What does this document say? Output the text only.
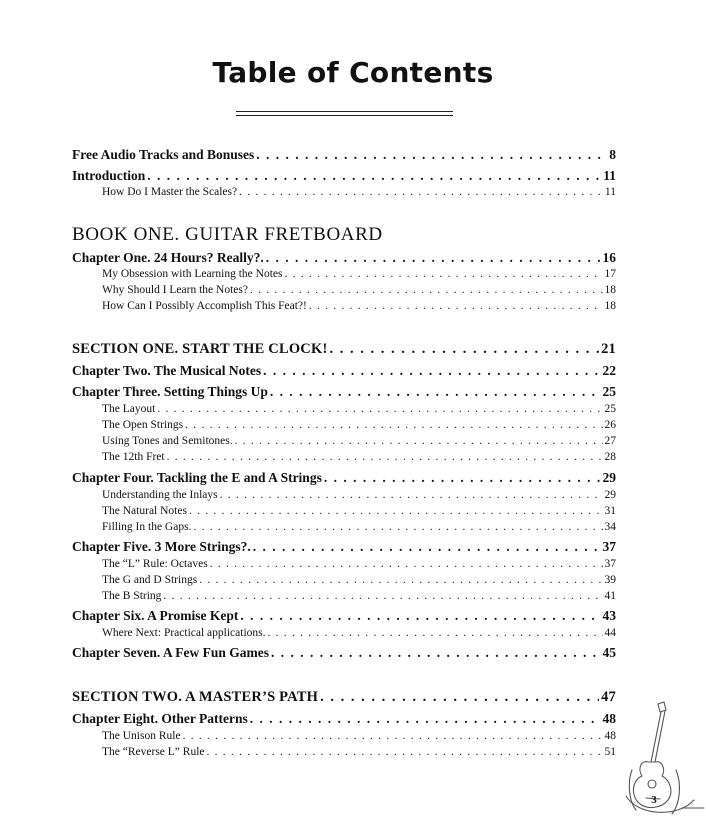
Table of Contents
Free Audio Tracks and Bonuses . . .	8
Introduction . . .	11
How Do I Master the Scales? . . .	11
BOOK ONE. GUITAR FRETBOARD
Chapter One. 24 Hours? Really?. . . .	16
My Obsession with Learning the Notes . . .	17
Why Should I Learn the Notes? . . .	18
How Can I Possibly Accomplish This Feat?! . . .	18
SECTION ONE. START THE CLOCK! . . .	21
Chapter Two. The Musical Notes . . .	22
Chapter Three. Setting Things Up . . .	25
The Layout . . .	25
The Open Strings . . .	26
Using Tones and Semitones. . . .	27
The 12th Fret . . .	28
Chapter Four. Tackling the E and A Strings . . .	29
Understanding the Inlays . . .	29
The Natural Notes . . .	31
Filling In the Gaps. . . .	34
Chapter Five. 3 More Strings?. . . .	37
The “L” Rule: Octaves . . .	37
The G and D Strings . . .	39
The B String . . .	41
Chapter Six. A Promise Kept . . .	43
Where Next: Practical applications. . . .	44
Chapter Seven. A Few Fun Games . . .	45
SECTION TWO. A MASTER’S PATH . . .	47
Chapter Eight. Other Patterns . . .	48
The Unison Rule . . .	48
The “Reverse L” Rule . . .	51
3
